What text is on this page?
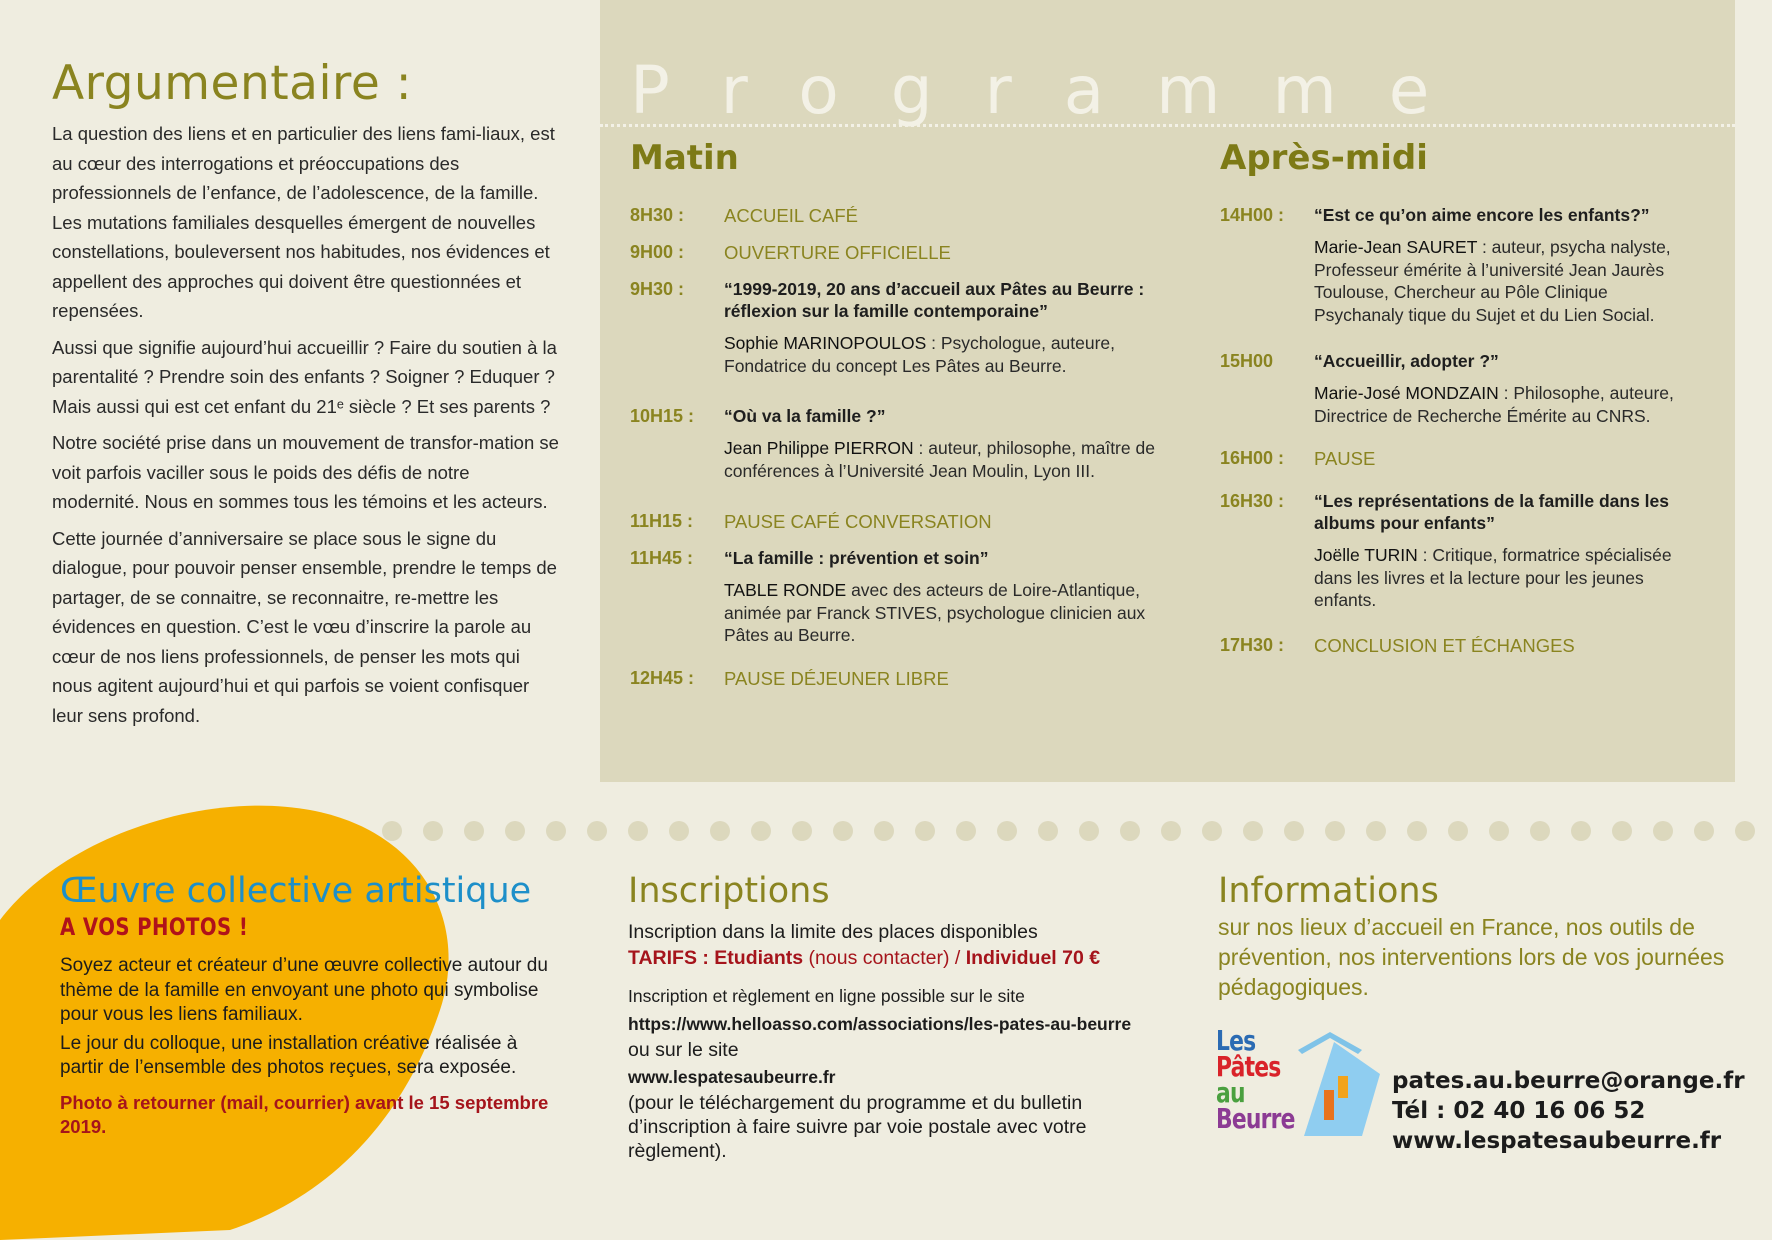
Argumentaire :

La question des liens et en particulier des liens fami-liaux, est au cœur des interrogations et préoccupations des professionnels de l’enfance, de l’adolescence, de la famille. Les mutations familiales desquelles émergent de nouvelles constellations, bouleversent nos habitudes, nos évidences et appellent des approches qui doivent être questionnées et repensées.

Aussi que signifie aujourd’hui accueillir ? Faire du soutien à la parentalité ? Prendre soin des enfants ? Soigner ? Eduquer ? Mais aussi qui est cet enfant du 21ᵉ siècle ? Et ses parents ?

Notre société prise dans un mouvement de transfor-mation se voit parfois vaciller sous le poids des défis de notre modernité. Nous en sommes tous les témoins et les acteurs.

Cette journée d’anniversaire se place sous le signe du dialogue, pour pouvoir penser ensemble, prendre le temps de partager, de se connaitre, se reconnaitre, re-mettre les évidences en question. C’est le vœu d’inscrire la parole au cœur de nos liens professionnels, de penser les mots qui nous agitent aujourd’hui et qui parfois se voient confisquer leur sens profond.

Programme
Matin
8H30 :	ACCUEIL CAFÉ
9H00 :	OUVERTURE OFFICIELLE
9H30 :	“1999-2019, 20 ans d’accueil aux Pâtes au Beurre : réflexion sur la famille contemporaine”
Sophie MARINOPOULOS : Psychologue, auteure, Fondatrice du concept Les Pâtes au Beurre.
10H15 :	“Où va la famille ?”
Jean Philippe PIERRON : auteur, philosophe, maître de conférences à l’Université Jean Moulin, Lyon III.
11H15 :	PAUSE CAFÉ CONVERSATION
11H45 :	“La famille : prévention et soin”
TABLE RONDE avec des acteurs de Loire-Atlantique, animée par Franck STIVES, psychologue clinicien aux Pâtes au Beurre.
12H45 :	PAUSE DÉJEUNER LIBRE
Après-midi
14H00 :	“Est ce qu’on aime encore les enfants?”
Marie-Jean SAURET : auteur, psycha nalyste, Professeur émérite à l’université Jean Jaurès Toulouse, Chercheur au Pôle Clinique Psychanaly tique du Sujet et du Lien Social.
15H00	“Accueillir, adopter ?”
Marie-José MONDZAIN : Philosophe, auteure, Directrice de Recherche Émérite au CNRS.
16H00 :	PAUSE
16H30 :	“Les représentations de la famille dans les albums pour enfants”
Joëlle TURIN : Critique, formatrice spécialisée dans les livres et la lecture pour les jeunes enfants.
17H30 :	CONCLUSION ET ÉCHANGES
Œuvre collective artistique
A VOS PHOTOS !

Soyez acteur et créateur d’une œuvre collective autour du thème de la famille en envoyant une photo qui symbolise pour vous les liens familiaux.

Le jour du colloque, une installation créative réalisée à partir de l’ensemble des photos reçues, sera exposée.

Photo à retourner (mail, courrier) avant le 15 septembre 2019.

Inscriptions
Inscription dans la limite des places disponibles
TARIFS : Etudiants (nous contacter) / Individuel 70 €
Inscription et règlement en ligne possible sur le site
https://www.helloasso.com/associations/les-pates-au-beurre
ou sur le site
www.lespatesaubeurre.fr
(pour le téléchargement du programme et du bulletin d’inscription à faire suivre par voie postale avec votre règlement).
Informations
sur nos lieux d’accueil en France, nos outils de prévention, nos interventions lors de vos journées pédagogiques.
Les
Pâtes
au
Beurre
pates.au.beurre@orange.fr
Tél : 02 40 16 06 52
www.lespatesaubeurre.fr
